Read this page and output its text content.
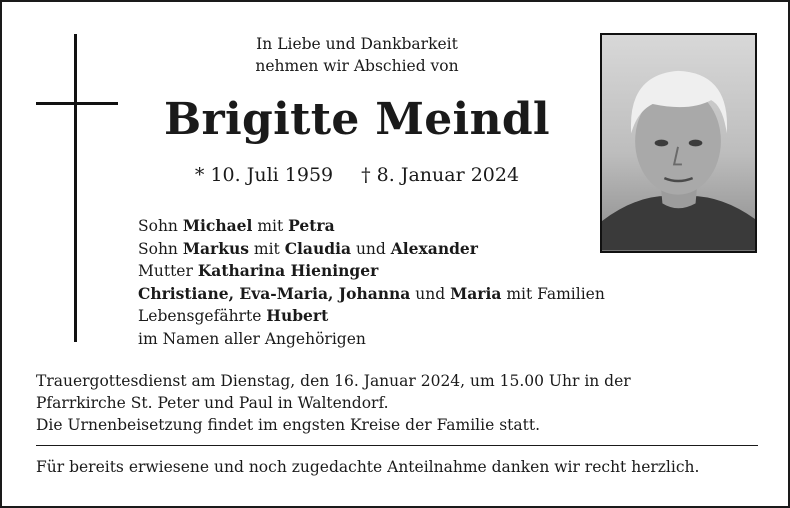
In Liebe und Dankbarkeit
nehmen wir Abschied von
Brigitte Meindl
* 10. Juli 1959 † 8. Januar 2024
Sohn Michael mit Petra
Sohn Markus mit Claudia und Alexander
Mutter Katharina Hieninger
Christiane, Eva-Maria, Johanna und Maria mit Familien
Lebensgefährte Hubert
im Namen aller Angehörigen
Trauergottesdienst am Dienstag, den 16. Januar 2024, um 15.00 Uhr in der
Pfarrkirche St. Peter und Paul in Waltendorf.
Die Urnenbeisetzung findet im engsten Kreise der Familie statt.
Für bereits erwiesene und noch zugedachte Anteilnahme danken wir recht herzlich.
